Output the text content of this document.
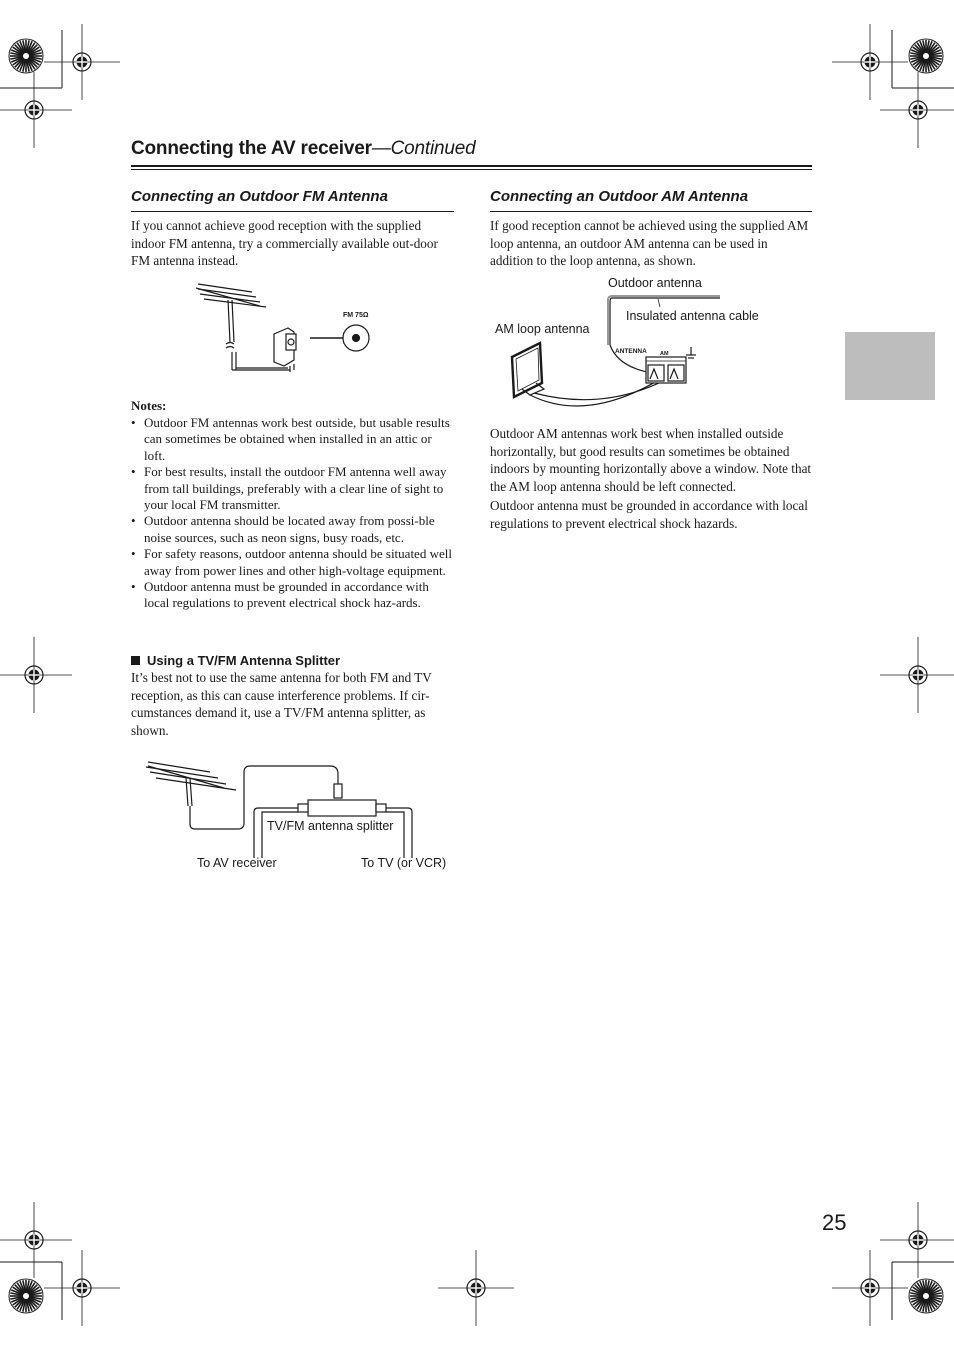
Connecting the AV receiver—Continued
Connecting an Outdoor FM Antenna
If you cannot achieve good reception with the supplied indoor FM antenna, try a commercially available out-door FM antenna instead.
FM 75Ω
Notes:
• Outdoor FM antennas work best outside, but usable results can sometimes be obtained when installed in an attic or loft.
• For best results, install the outdoor FM antenna well away from tall buildings, preferably with a clear line of sight to your local FM transmitter.
• Outdoor antenna should be located away from possi-ble noise sources, such as neon signs, busy roads, etc.
• For safety reasons, outdoor antenna should be situated well away from power lines and other high-voltage equipment.
• Outdoor antenna must be grounded in accordance with local regulations to prevent electrical shock haz-ards.
Using a TV/FM Antenna Splitter
It’s best not to use the same antenna for both FM and TV reception, as this can cause interference problems. If cir-cumstances demand it, use a TV/FM antenna splitter, as shown.
TV/FM antenna splitter
To AV receiver	To TV (or VCR)
Connecting an Outdoor AM Antenna
If good reception cannot be achieved using the supplied AM loop antenna, an outdoor AM antenna can be used in addition to the loop antenna, as shown.
ANTENNA AM
Outdoor antenna
Insulated antenna cable
AM loop antenna
Outdoor AM antennas work best when installed outside horizontally, but good results can sometimes be obtained indoors by mounting horizontally above a window. Note that the AM loop antenna should be left connected.
Outdoor antenna must be grounded in accordance with local regulations to prevent electrical shock hazards.
25
